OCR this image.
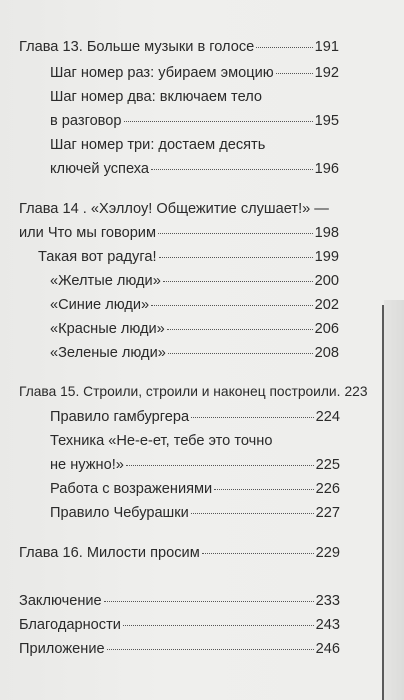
Глава 13. Больше музыки в голосе	191
Шаг номер раз: убираем эмоцию	192
Шаг номер два: включаем тело
в разговор	195
Шаг номер три: достаем десять
ключей успеха	196
Глава 14 . «Хэллоу! Общежитие слушает!» —
или Что мы говорим	198
Такая вот радуга!	199
«Желтые люди»	200
«Синие люди»	202
«Красные люди»	206
«Зеленые люди»	208
Глава 15. Строили, строили и наконец построили. 223
Правило гамбургера	224
Техника «Не-е-ет, тебе это точно
не нужно!»	225
Работа с возражениями	226
Правило Чебурашки	227
Глава 16. Милости просим	229
Заключение	233
Благодарности	243
Приложение	246
